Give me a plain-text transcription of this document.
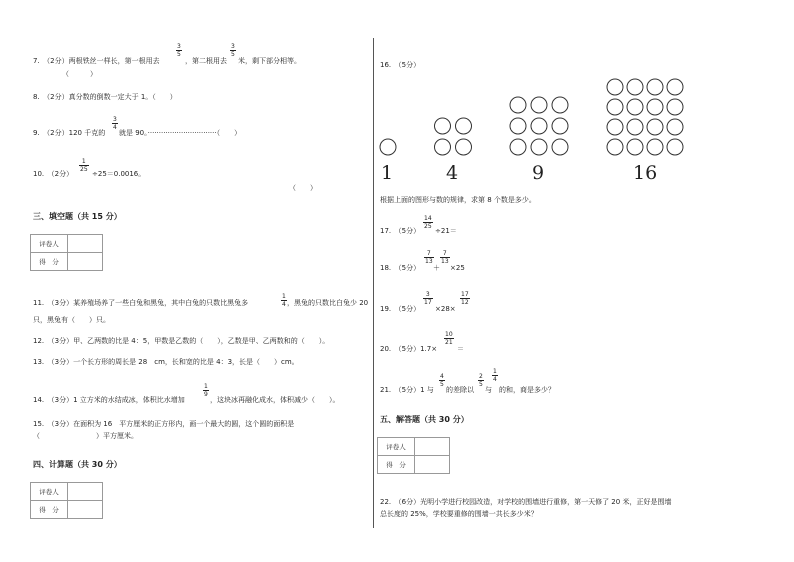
7.　（2分）两根铁丝一样长，第一根用去
$\frac{3}{5}$
，第二根用去
$\frac{3}{5}$
米，剩下部分相等。
（　　　）
8.　（2分）真分数的倒数一定大于 1。（　　）
9.　（2分）120 千克的
$\frac{3}{4}$
就是 90。·······························（　　）
10.　（2分）
$\frac{1}{25}$
÷25＝0.0016。
（　　）
三、填空题（共 15 分）
评卷人	
得　分	
11.　（3分）某养殖场养了一些白兔和黑兔，其中白兔的只数比黑兔多	$\frac{1}{4}$ ，黑兔的只数比白兔少 20
只，黑兔有（　　）只。
12.　（3分）甲、乙两数的比是 4：5，甲数是乙数的（　　），乙数是甲、乙两数和的（　　）。
13.　（3分）一个长方形的周长是 28　cm，长和宽的比是 4：3，长是（　　）cm。
14.　（3分）1 立方米的水结成冰，体积比水增加
$\frac{1}{9}$
，这块冰再融化成水，体积减少（　　）。
15.　（3分）在面积为 16　平方厘米的正方形内，画一个最大的圆，这个圆的面积是
（　　　　　　　　）平方厘米。
四、计算题（共 30 分）
评卷人	
得　分	
16.　（5分）
1	4	9	16
根据上面的图形与数的规律，求第 8 个数是多少。
17.　（5分）
$\frac{14}{25}$
÷21＝
18.　（5分）
$\frac{7}{13}$
＋
$\frac{7}{13}$
×25
19.　（5分）
$\frac{3}{17}$
×28×
$\frac{17}{12}$
20.　（5分）1.7×
$\frac{10}{21}$
＝
21.　（5分）1 与
$\frac{4}{5}$
的差除以
$\frac{2}{5}$
与
$\frac{1}{4}$
的和，商是多少？
五、解答题（共 30 分）
评卷人	
得　分	
22.　（6分）光明小学进行校园改造，对学校的围墙进行重修，第一天修了 20 米，正好是围墙
总长度的 25%，学校要重修的围墙一共长多少米？
